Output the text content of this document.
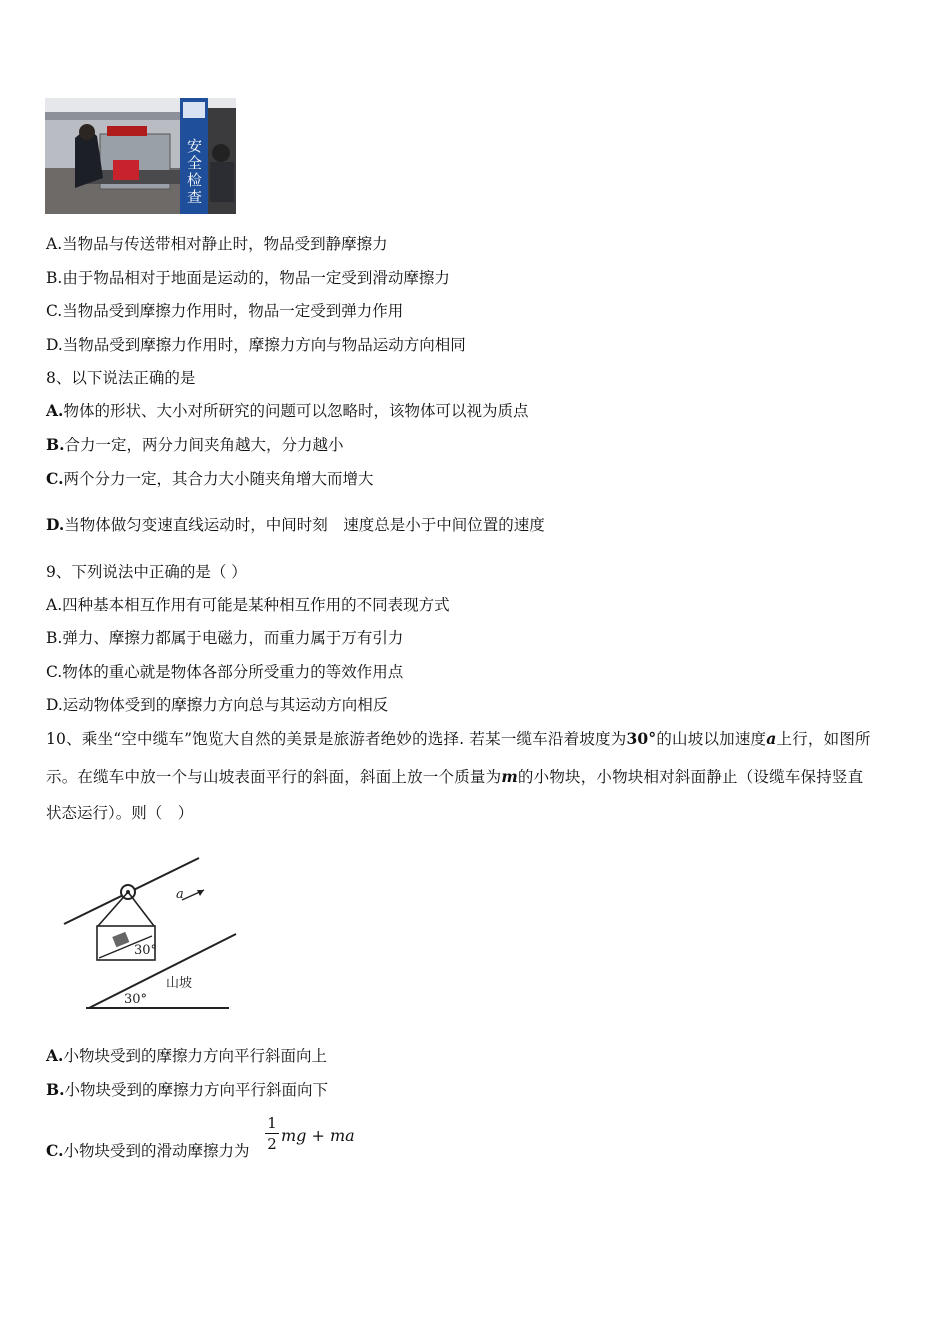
安全检查
A.当物品与传送带相对静止时，物品受到静摩擦力
B.由于物品相对于地面是运动的，物品一定受到滑动摩擦力
C.当物品受到摩擦力作用时，物品一定受到弹力作用
D.当物品受到摩擦力作用时，摩擦力方向与物品运动方向相同
8、以下说法正确的是
A.物体的形状、大小对所研究的问题可以忽略时，该物体可以视为质点
B.合力一定，两分力间夹角越大，分力越小
C.两个分力一定，其合力大小随夹角增大而增大
D.当物体做匀变速直线运动时，中间时刻　速度总是小于中间位置的速度
9、下列说法中正确的是（ ）
A.四种基本相互作用有可能是某种相互作用的不同表现方式
B.弹力、摩擦力都属于电磁力，而重力属于万有引力
C.物体的重心就是物体各部分所受重力的等效作用点
D.运动物体受到的摩擦力方向总与其运动方向相反
10、乘坐“空中缆车”饱览大自然的美景是旅游者绝妙的选择. 若某一缆车沿着坡度为30°的山坡以加速度a上行，如图所
示。在缆车中放一个与山坡表面平行的斜面，斜面上放一个质量为m的小物块，小物块相对斜面静止（设缆车保持竖直
状态运行）。则（　）
30°
a
30°
山坡
A.小物块受到的摩擦力方向平行斜面向上
B.小物块受到的摩擦力方向平行斜面向下
C.小物块受到的滑动摩擦力为
1
2 mg + ma
